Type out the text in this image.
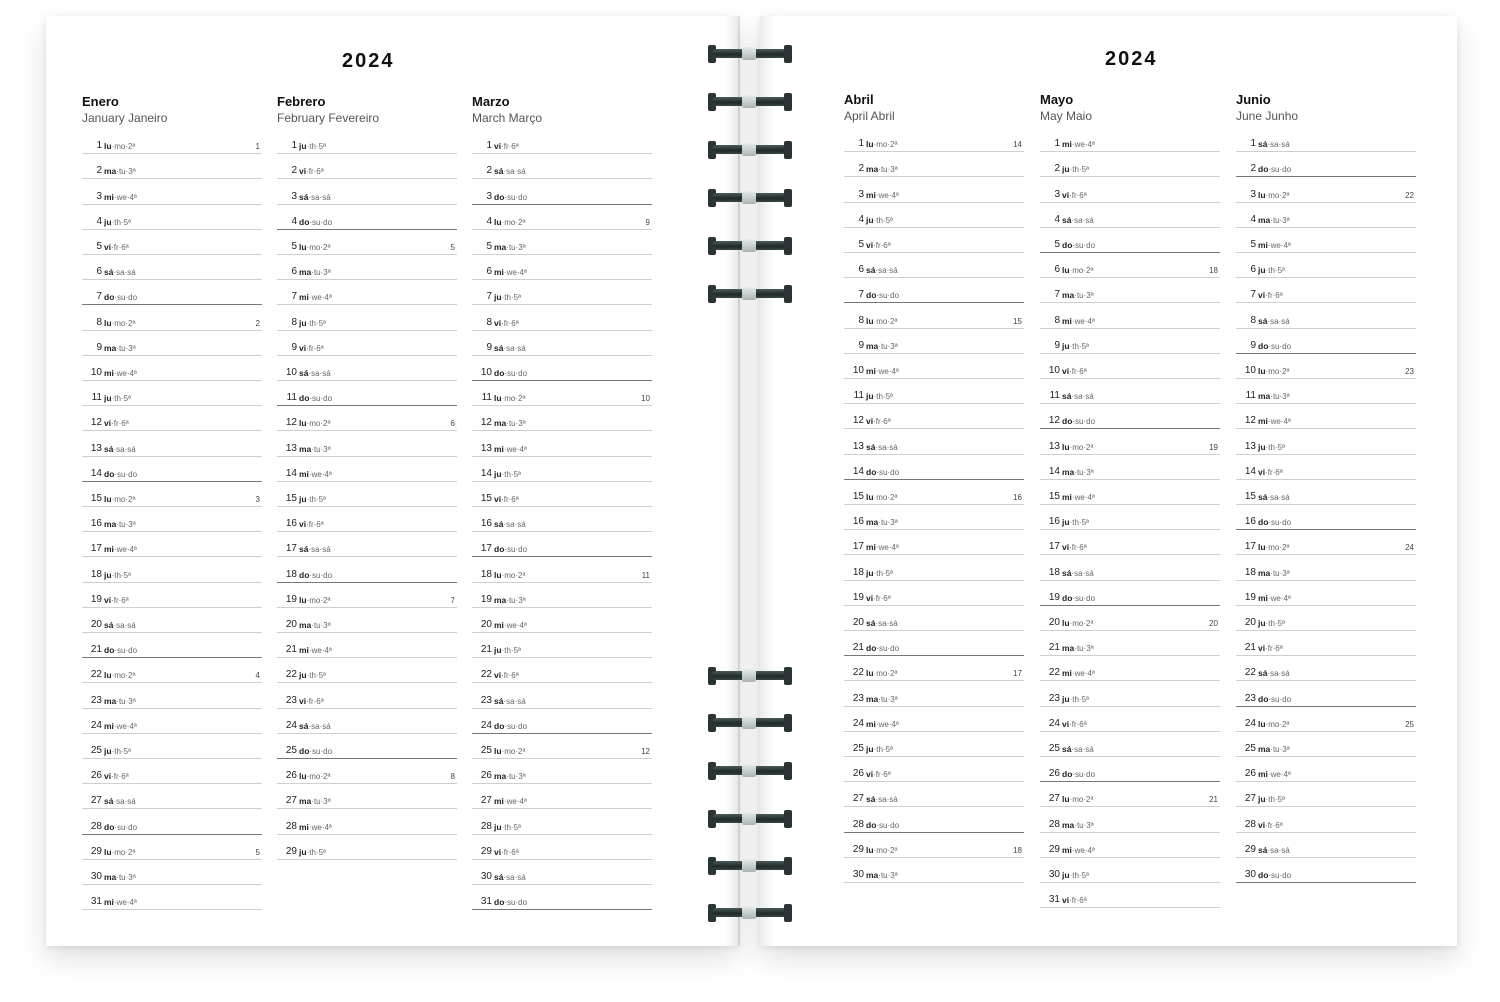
2024	2024
Enero
January Janeiro
1 lu·mo·2ª	1
2 ma·tu·3ª
3 mi·we·4ª
4 ju·th·5ª
5 vi·fr·6ª
6 sá·sa·sá
7 do·su·do
8 lu·mo·2ª	2
9 ma·tu·3ª
10 mi·we·4ª
11 ju·th·5ª
12 vi·fr·6ª
13 sá·sa·sá
14 do·su·do
15 lu·mo·2ª	3
16 ma·tu·3ª
17 mi·we·4ª
18 ju·th·5ª
19 vi·fr·6ª
20 sá·sa·sá
21 do·su·do
22 lu·mo·2ª	4
23 ma·tu·3ª
24 mi·we·4ª
25 ju·th·5ª
26 vi·fr·6ª
27 sá·sa·sá
28 do·su·do
29 lu·mo·2ª	5
30 ma·tu·3ª
31 mi·we·4ª
Febrero
February Fevereiro
1 ju·th·5ª
2 vi·fr·6ª
3 sá·sa·sá
4 do·su·do
5 lu·mo·2ª	5
6 ma·tu·3ª
7 mi·we·4ª
8 ju·th·5ª
9 vi·fr·6ª
10 sá·sa·sá
11 do·su·do
12 lu·mo·2ª	6
13 ma·tu·3ª
14 mi·we·4ª
15 ju·th·5ª
16 vi·fr·6ª
17 sá·sa·sá
18 do·su·do
19 lu·mo·2ª	7
20 ma·tu·3ª
21 mi·we·4ª
22 ju·th·5ª
23 vi·fr·6ª
24 sá·sa·sá
25 do·su·do
26 lu·mo·2ª	8
27 ma·tu·3ª
28 mi·we·4ª
29 ju·th·5ª
Marzo
March Março
1 vi·fr·6ª
2 sá·sa·sá
3 do·su·do
4 lu·mo·2ª	9
5 ma·tu·3ª
6 mi·we·4ª
7 ju·th·5ª
8 vi·fr·6ª
9 sá·sa·sá
10 do·su·do
11 lu·mo·2ª	10
12 ma·tu·3ª
13 mi·we·4ª
14 ju·th·5ª
15 vi·fr·6ª
16 sá·sa·sá
17 do·su·do
18 lu·mo·2ª	11
19 ma·tu·3ª
20 mi·we·4ª
21 ju·th·5ª
22 vi·fr·6ª
23 sá·sa·sá
24 do·su·do
25 lu·mo·2ª	12
26 ma·tu·3ª
27 mi·we·4ª
28 ju·th·5ª
29 vi·fr·6ª
30 sá·sa·sá
31 do·su·do
Abril
April Abril
1 lu·mo·2ª	14
2 ma·tu·3ª
3 mi·we·4ª
4 ju·th·5ª
5 vi·fr·6ª
6 sá·sa·sá
7 do·su·do
8 lu·mo·2ª	15
9 ma·tu·3ª
10 mi·we·4ª
11 ju·th·5ª
12 vi·fr·6ª
13 sá·sa·sá
14 do·su·do
15 lu·mo·2ª	16
16 ma·tu·3ª
17 mi·we·4ª
18 ju·th·5ª
19 vi·fr·6ª
20 sá·sa·sá
21 do·su·do
22 lu·mo·2ª	17
23 ma·tu·3ª
24 mi·we·4ª
25 ju·th·5ª
26 vi·fr·6ª
27 sá·sa·sá
28 do·su·do
29 lu·mo·2ª	18
30 ma·tu·3ª
Mayo
May Maio
1 mi·we·4ª
2 ju·th·5ª
3 vi·fr·6ª
4 sá·sa·sá
5 do·su·do
6 lu·mo·2ª	18
7 ma·tu·3ª
8 mi·we·4ª
9 ju·th·5ª
10 vi·fr·6ª
11 sá·sa·sá
12 do·su·do
13 lu·mo·2ª	19
14 ma·tu·3ª
15 mi·we·4ª
16 ju·th·5ª
17 vi·fr·6ª
18 sá·sa·sá
19 do·su·do
20 lu·mo·2ª	20
21 ma·tu·3ª
22 mi·we·4ª
23 ju·th·5ª
24 vi·fr·6ª
25 sá·sa·sá
26 do·su·do
27 lu·mo·2ª	21
28 ma·tu·3ª
29 mi·we·4ª
30 ju·th·5ª
31 vi·fr·6ª
Junio
June Junho
1 sá·sa·sá
2 do·su·do
3 lu·mo·2ª	22
4 ma·tu·3ª
5 mi·we·4ª
6 ju·th·5ª
7 vi·fr·6ª
8 sá·sa·sá
9 do·su·do
10 lu·mo·2ª	23
11 ma·tu·3ª
12 mi·we·4ª
13 ju·th·5ª
14 vi·fr·6ª
15 sá·sa·sá
16 do·su·do
17 lu·mo·2ª	24
18 ma·tu·3ª
19 mi·we·4ª
20 ju·th·5ª
21 vi·fr·6ª
22 sá·sa·sá
23 do·su·do
24 lu·mo·2ª	25
25 ma·tu·3ª
26 mi·we·4ª
27 ju·th·5ª
28 vi·fr·6ª
29 sá·sa·sá
30 do·su·do
